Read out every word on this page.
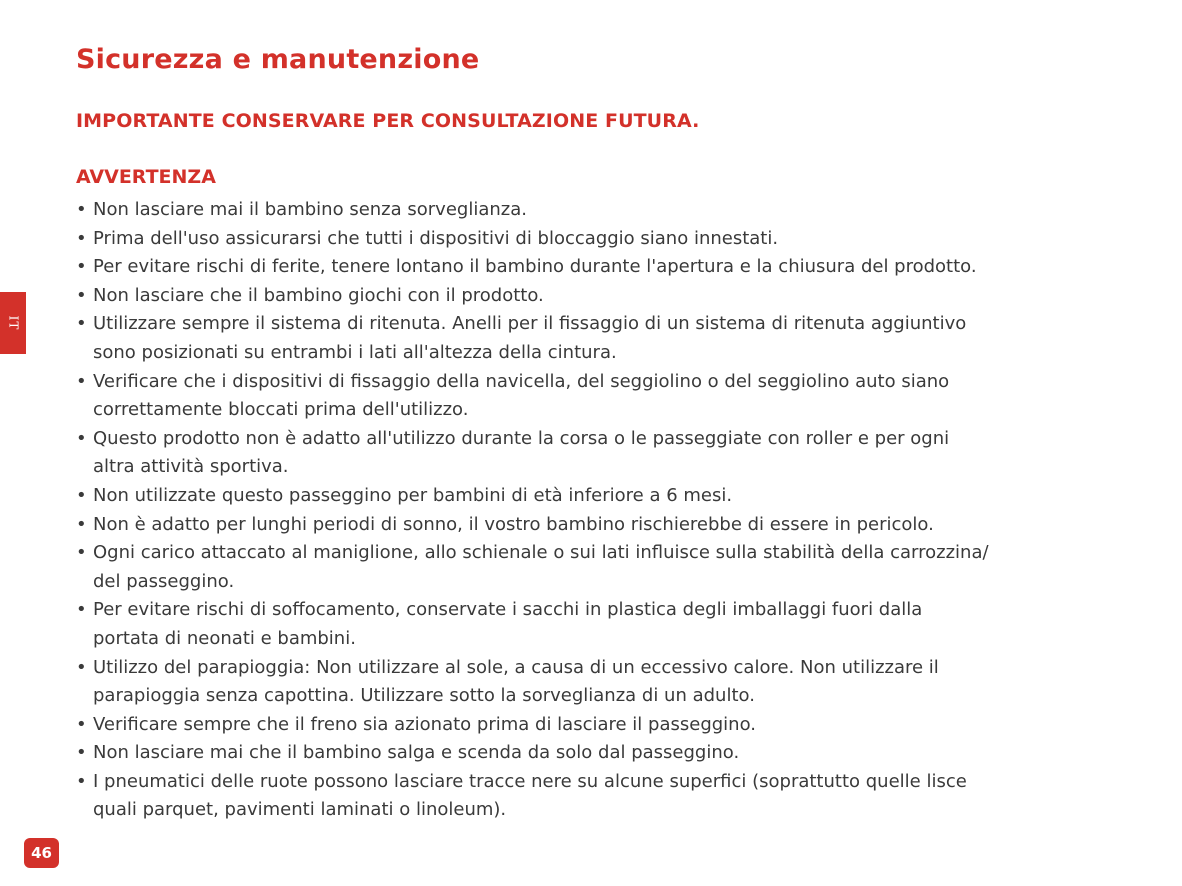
Sicurezza e manutenzione
IMPORTANTE CONSERVARE PER CONSULTAZIONE FUTURA.
AVVERTENZA
• Non lasciare mai il bambino senza sorveglianza.
• Prima dell'uso assicurarsi che tutti i dispositivi di bloccaggio siano innestati.
• Per evitare rischi di ferite, tenere lontano il bambino durante l'apertura e la chiusura del prodotto.
• Non lasciare che il bambino giochi con il prodotto.
• Utilizzare sempre il sistema di ritenuta. Anelli per il fissaggio di un sistema di ritenuta aggiuntivo
sono posizionati su entrambi i lati all'altezza della cintura.
• Verificare che i dispositivi di fissaggio della navicella, del seggiolino o del seggiolino auto siano
correttamente bloccati prima dell'utilizzo.
• Questo prodotto non è adatto all'utilizzo durante la corsa o le passeggiate con roller e per ogni
altra attività sportiva.
• Non utilizzate questo passeggino per bambini di età inferiore a 6 mesi.
• Non è adatto per lunghi periodi di sonno, il vostro bambino rischierebbe di essere in pericolo.
• Ogni carico attaccato al maniglione, allo schienale o sui lati influisce sulla stabilità della carrozzina/
del passeggino.
• Per evitare rischi di soffocamento, conservate i sacchi in plastica degli imballaggi fuori dalla
portata di neonati e bambini.
• Utilizzo del parapioggia: Non utilizzare al sole, a causa di un eccessivo calore. Non utilizzare il
parapioggia senza capottina. Utilizzare sotto la sorveglianza di un adulto.
• Verificare sempre che il freno sia azionato prima di lasciare il passeggino.
• Non lasciare mai che il bambino salga e scenda da solo dal passeggino.
• I pneumatici delle ruote possono lasciare tracce nere su alcune superfici (soprattutto quelle lisce
quali parquet, pavimenti laminati o linoleum).
IT
46
